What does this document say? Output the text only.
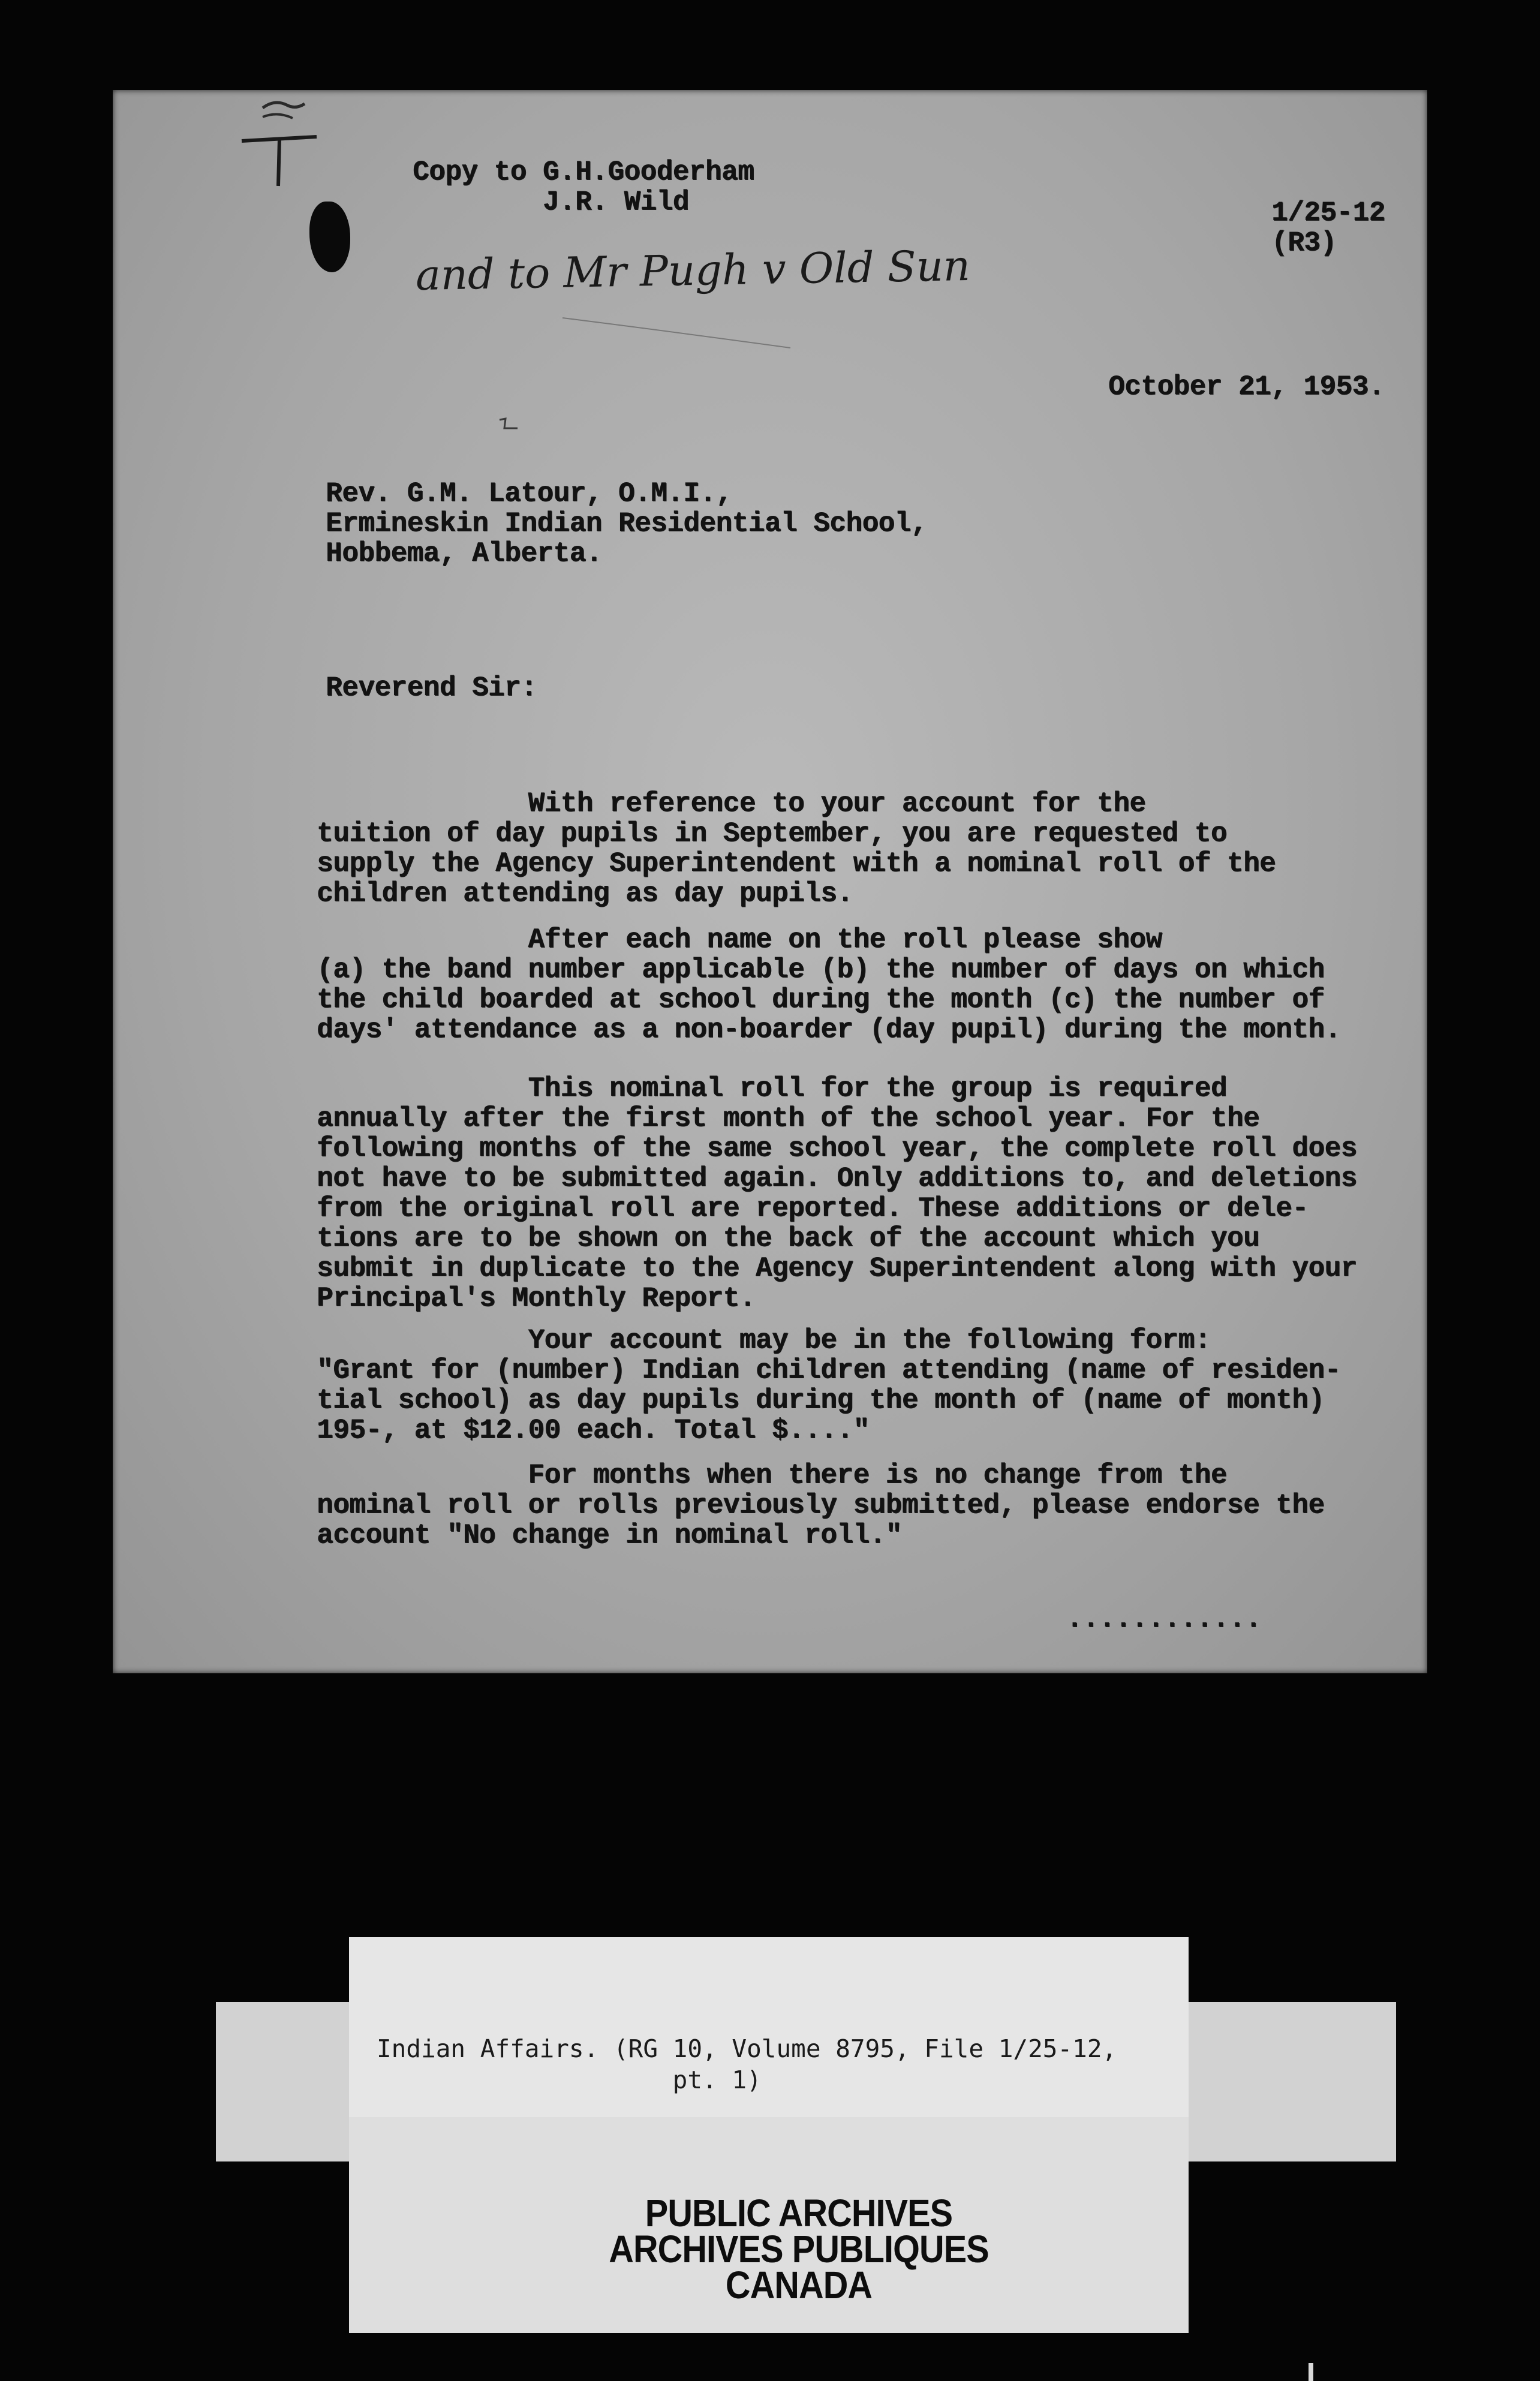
Copy to G.H.Gooderham
J.R. Wild	1/25-12
(R3)
and to Mr Pugh v Old Sun
October 21, 1953.
Rev. G.M. Latour, O.M.I.,
Ermineskin Indian Residential School,
Hobbema, Alberta.
Reverend Sir:
With reference to your account for the
tuition of day pupils in September, you are requested to
supply the Agency Superintendent with a nominal roll of the
children attending as day pupils.
After each name on the roll please show
(a) the band number applicable (b) the number of days on which
the child boarded at school during the month (c) the number of
days' attendance as a non-boarder (day pupil) during the month.
This nominal roll for the group is required
annually after the first month of the school year. For the
following months of the same school year, the complete roll does
not have to be submitted again. Only additions to, and deletions
from the original roll are reported. These additions or dele-
tions are to be shown on the back of the account which you
submit in duplicate to the Agency Superintendent along with your
Principal's Monthly Report.
Your account may be in the following form:
"Grant for (number) Indian children attending (name of residen-
tial school) as day pupils during the month of (name of month)
195-, at $12.00 each. Total $...."
For months when there is no change from the
nominal roll or rolls previously submitted, please endorse the
account "No change in nominal roll."
............
Indian Affairs. (RG 10, Volume 8795, File 1/25-12,
pt. 1)
PUBLIC ARCHIVES
ARCHIVES PUBLIQUES
CANADA
